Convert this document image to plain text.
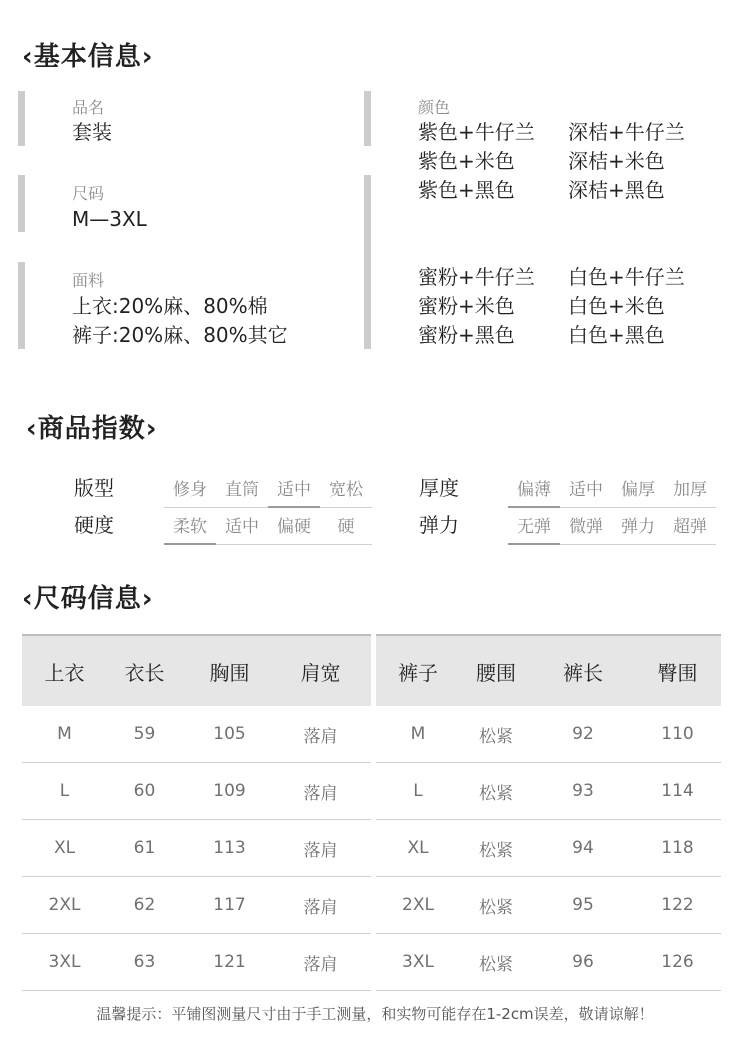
‹基本信息›
品名
套装
尺码
M—3XL
面料
上衣:20%麻、80%棉
裤子:20%麻、80%其它
颜色
紫色+牛仔兰 深桔+牛仔兰
紫色+米色	深桔+米色
紫色+黑色	深桔+黑色
蜜粉+牛仔兰 白色+牛仔兰
蜜粉+米色	白色+米色
蜜粉+黑色	白色+黑色
‹商品指数›
版型	修身	直筒	适中	宽松
硬度	柔软	适中	偏硬	硬
厚度	偏薄	适中	偏厚	加厚
弹力	无弹	微弹	弹力	超弹
‹尺码信息›
上衣	衣长	胸围	肩宽
M	59	105	落肩
L	60	109	落肩
XL	61	113	落肩
2XL	62	117	落肩
3XL	63	121	落肩
裤子	腰围	裤长	臀围
M	松紧	92	110
L	松紧	93	114
XL	松紧	94	118
2XL	松紧	95	122
3XL	松紧	96	126
温馨提示：平铺图测量尺寸由于手工测量，和实物可能存在1-2cm误差，敬请谅解！
